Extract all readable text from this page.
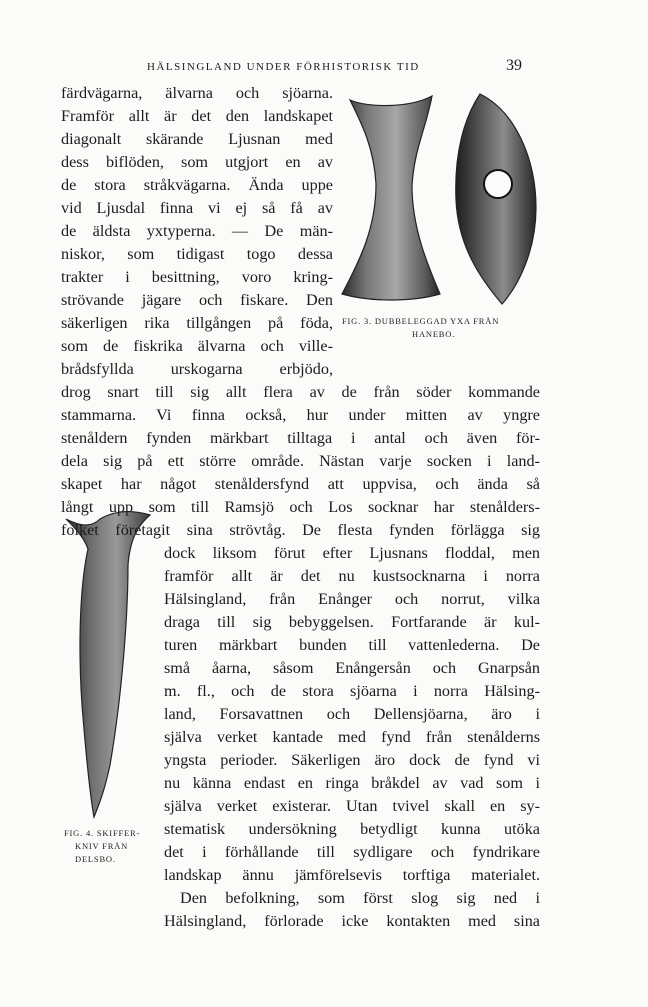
HÄLSINGLAND UNDER FÖRHISTORISK TID	39
FIG. 3. DUBBELEGGAD YXA FRÅN
HANEBO.
FIG. 4. SKIFFER-
KNIV FRÅN
DELSBO.
färdvägarna, älvarna och sjöarna.
Framför allt är det den landskapet
diagonalt skärande Ljusnan med
dess biflöden, som utgjort en av
de stora stråkvägarna. Ända uppe
vid Ljusdal finna vi ej så få av
de äldsta yxtyperna. — De män-
niskor, som tidigast togo dessa
trakter i besittning, voro kring-
strövande jägare och fiskare. Den
säkerligen rika tillgången på föda,
som de fiskrika älvarna och ville-
brådsfyllda urskogarna erbjödo,
drog snart till sig allt flera av de från söder kommande
stammarna. Vi finna också, hur under mitten av yngre
stenåldern fynden märkbart tilltaga i antal och även för-
dela sig på ett större område. Nästan varje socken i land-
skapet har något stenåldersfynd att uppvisa, och ända så
långt upp som till Ramsjö och Los socknar har stenålders-
folket företagit sina strövtåg. De flesta fynden förlägga sig
dock liksom förut efter Ljusnans floddal, men
framför allt är det nu kustsocknarna i norra
Hälsingland, från Enånger och norrut, vilka
draga till sig bebyggelsen. Fortfarande är kul-
turen märkbart bunden till vattenlederna. De
små åarna, såsom Enångersån och Gnarpsån
m. fl., och de stora sjöarna i norra Hälsing-
land, Forsavattnen och Dellensjöarna, äro i
själva verket kantade med fynd från stenålderns
yngsta perioder. Säkerligen äro dock de fynd vi
nu känna endast en ringa bråkdel av vad som i
själva verket existerar. Utan tvivel skall en sy-
stematisk undersökning betydligt kunna utöka
det i förhållande till sydligare och fyndrikare
landskap ännu jämförelsevis torftiga materialet.
Den befolkning, som först slog sig ned i
Hälsingland, förlorade icke kontakten med sina
